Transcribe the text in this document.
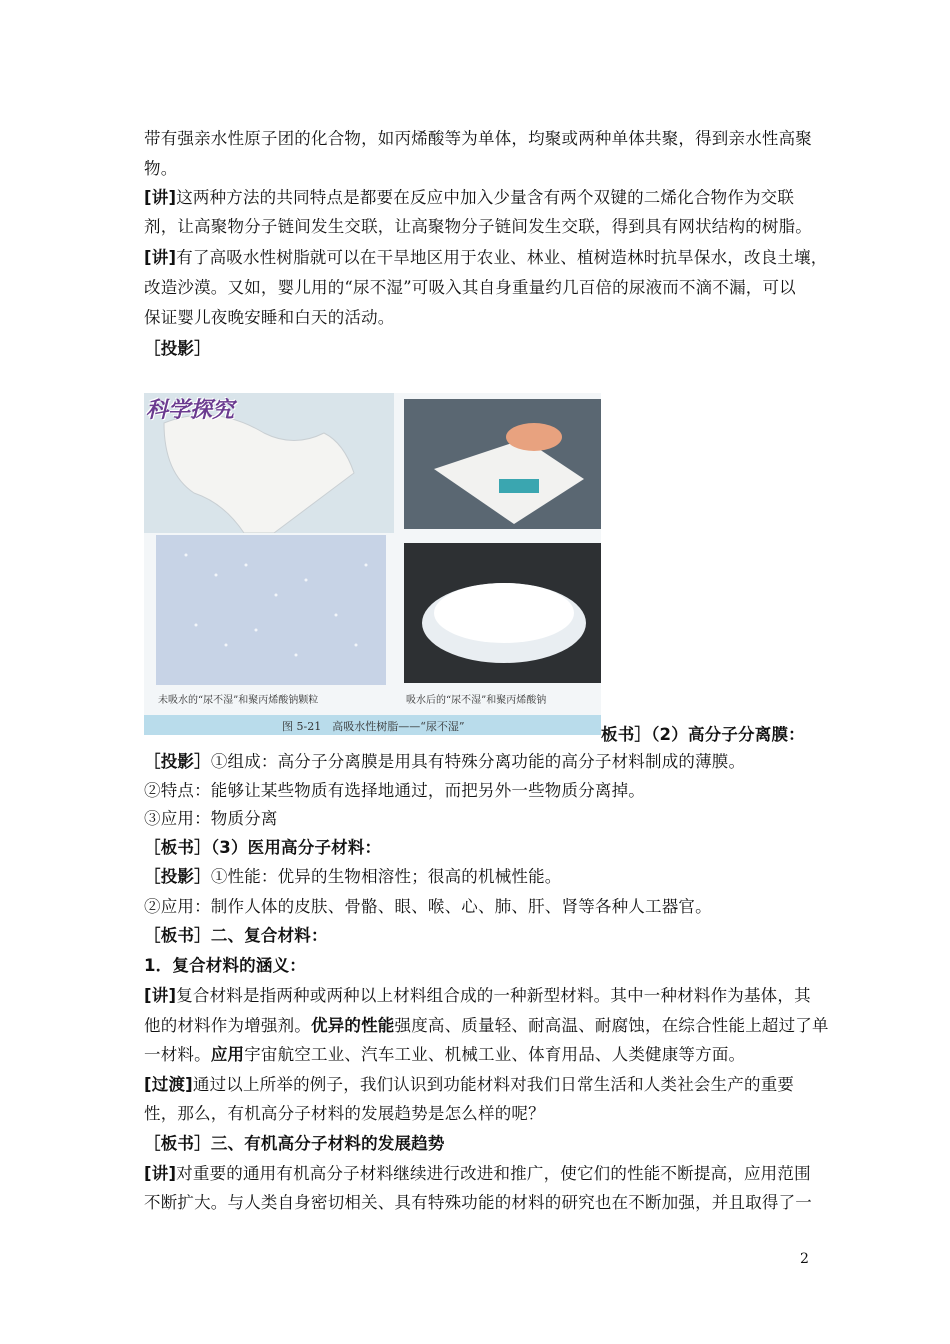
带有强亲水性原子团的化合物，如丙烯酸等为单体，均聚或两种单体共聚，得到亲水性高聚
物。
[讲]这两种方法的共同特点是都要在反应中加入少量含有两个双键的二烯化合物作为交联
剂，让高聚物分子链间发生交联，让高聚物分子链间发生交联，得到具有网状结构的树脂。
[讲]有了高吸水性树脂就可以在干旱地区用于农业、林业、植树造林时抗旱保水，改良土壤，
改造沙漠。又如，婴儿用的“尿不湿”可吸入其自身重量约几百倍的尿液而不滴不漏，可以
保证婴儿夜晚安睡和白天的活动。
［投影］
科学探究
未吸水的“尿不湿”和聚丙烯酸钠颗粒	吸水后的“尿不湿”和聚丙烯酸钠
图 5-21　高吸水性树脂——“尿不湿”	板书］（2）高分子分离膜：
［投影］①组成：高分子分离膜是用具有特殊分离功能的高分子材料制成的薄膜。
②特点：能够让某些物质有选择地通过，而把另外一些物质分离掉。
③应用：物质分离
［板书］（3）医用高分子材料：
［投影］①性能：优异的生物相溶性；很高的机械性能。
②应用：制作人体的皮肤、骨骼、眼、喉、心、肺、肝、肾等各种人工器官。
［板书］二、复合材料：
1．复合材料的涵义：
[讲]复合材料是指两种或两种以上材料组合成的一种新型材料。其中一种材料作为基体，其
他的材料作为增强剂。优异的性能强度高、质量轻、耐高温、耐腐蚀，在综合性能上超过了单
一材料。应用宇宙航空工业、汽车工业、机械工业、体育用品、人类健康等方面。
[过渡]通过以上所举的例子，我们认识到功能材料对我们日常生活和人类社会生产的重要
性，那么，有机高分子材料的发展趋势是怎么样的呢？
［板书］三、有机高分子材料的发展趋势
[讲]对重要的通用有机高分子材料继续进行改进和推广，使它们的性能不断提高，应用范围
不断扩大。与人类自身密切相关、具有特殊功能的材料的研究也在不断加强，并且取得了一
2
